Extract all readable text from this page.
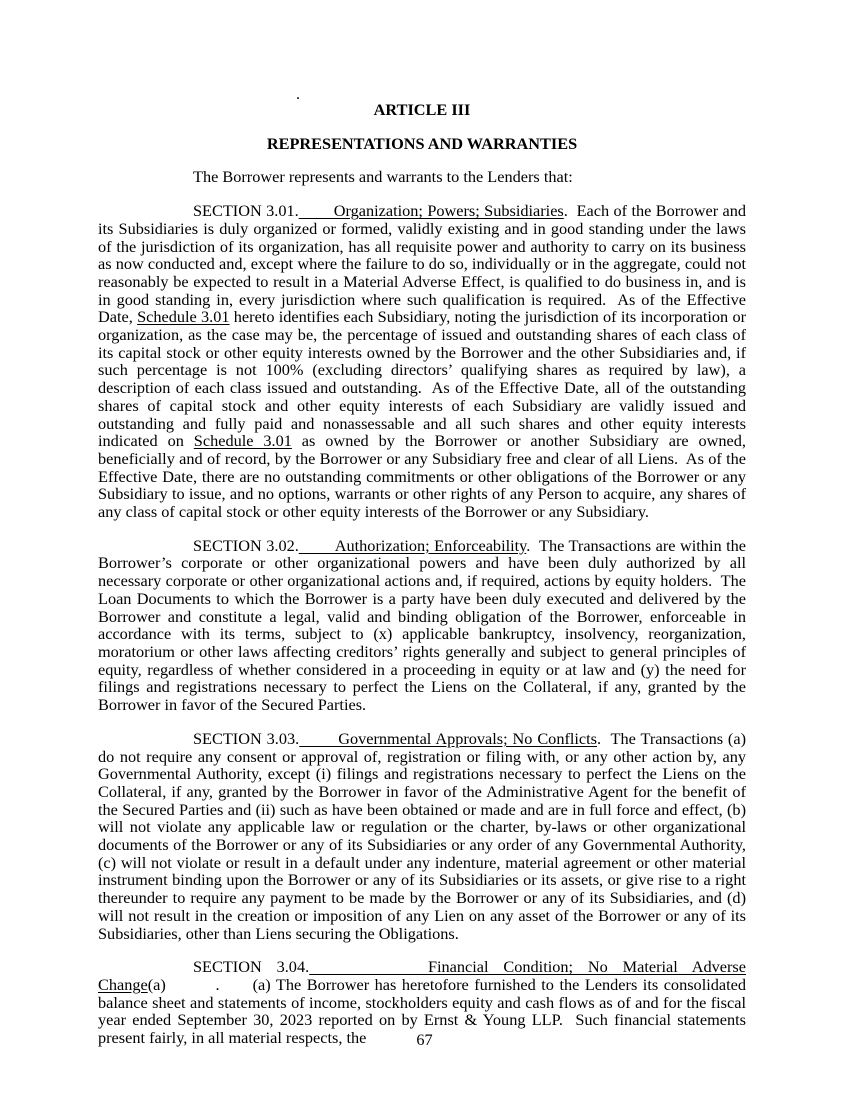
.

ARTICLE III

REPRESENTATIONS AND WARRANTIES

The Borrower represents and warrants to the Lenders that:

SECTION 3.01.        Organization; Powers; Subsidiaries.  Each of the Borrower and its Subsidiaries is duly organized or formed, validly existing and in good standing under the laws of the jurisdiction of its organization, has all requisite power and authority to carry on its business as now conducted and, except where the failure to do so, individually or in the aggregate, could not reasonably be expected to result in a Material Adverse Effect, is qualified to do business in, and is in good standing in, every jurisdiction where such qualification is required.  As of the Effective Date, Schedule 3.01 hereto identifies each Subsidiary, noting the jurisdiction of its incorporation or organization, as the case may be, the percentage of issued and outstanding shares of each class of its capital stock or other equity interests owned by the Borrower and the other Subsidiaries and, if such percentage is not 100% (excluding directors’ qualifying shares as required by law), a description of each class issued and outstanding.  As of the Effective Date, all of the outstanding shares of capital stock and other equity interests of each Subsidiary are validly issued and outstanding and fully paid and nonassessable and all such shares and other equity interests indicated on Schedule 3.01 as owned by the Borrower or another Subsidiary are owned, beneficially and of record, by the Borrower or any Subsidiary free and clear of all Liens.  As of the Effective Date, there are no outstanding commitments or other obligations of the Borrower or any Subsidiary to issue, and no options, warrants or other rights of any Person to acquire, any shares of any class of capital stock or other equity interests of the Borrower or any Subsidiary.

SECTION 3.02.        Authorization; Enforceability.  The Transactions are within the Borrower’s corporate or other organizational powers and have been duly authorized by all necessary corporate or other organizational actions and, if required, actions by equity holders.  The Loan Documents to which the Borrower is a party have been duly executed and delivered by the Borrower and constitute a legal, valid and binding obligation of the Borrower, enforceable in accordance with its terms, subject to (x) applicable bankruptcy, insolvency, reorganization, moratorium or other laws affecting creditors’ rights generally and subject to general principles of equity, regardless of whether considered in a proceeding in equity or at law and (y) the need for filings and registrations necessary to perfect the Liens on the Collateral, if any, granted by the Borrower in favor of the Secured Parties.

SECTION 3.03.        Governmental Approvals; No Conflicts.  The Transactions (a) do not require any consent or approval of, registration or filing with, or any other action by, any Governmental Authority, except (i) filings and registrations necessary to perfect the Liens on the Collateral, if any, granted by the Borrower in favor of the Administrative Agent for the benefit of the Secured Parties and (ii) such as have been obtained or made and are in full force and effect, (b) will not violate any applicable law or regulation or the charter, by-laws or other organizational documents of the Borrower or any of its Subsidiaries or any order of any Governmental Authority, (c) will not violate or result in a default under any indenture, material agreement or other material instrument binding upon the Borrower or any of its Subsidiaries or its assets, or give rise to a right thereunder to require any payment to be made by the Borrower or any of its Subsidiaries, and (d) will not result in the creation or imposition of any Lien on any asset of the Borrower or any of its Subsidiaries, other than Liens securing the Obligations.

SECTION 3.04.        Financial Condition; No Material Adverse Change(a)         .      (a) The Borrower has heretofore furnished to the Lenders its consolidated balance sheet and statements of income, stockholders equity and cash flows as of and for the fiscal year ended September 30, 2023 reported on by Ernst & Young LLP.  Such financial statements present fairly, in all material respects, the	67
